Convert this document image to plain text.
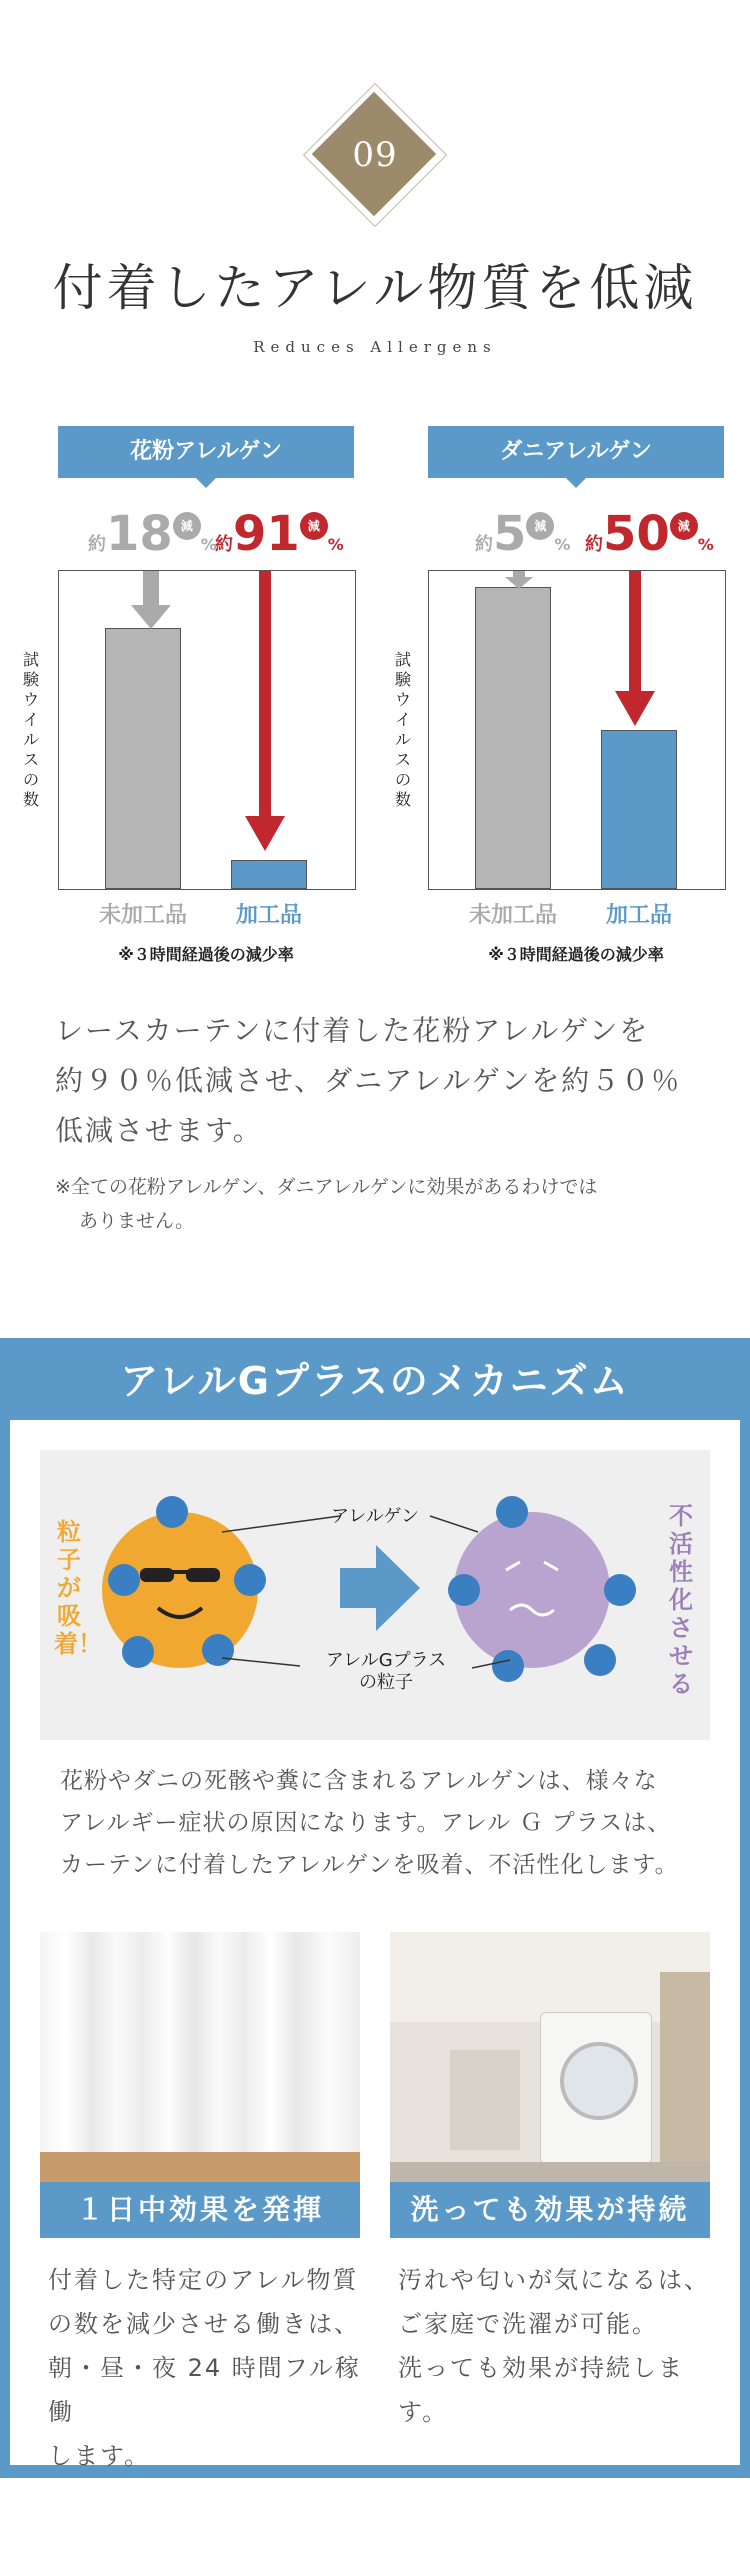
09
付着したアレル物質を低減
Reduces Allergens
花粉アレルゲン
約18 減%
約91 減%
試験ウイルスの数
未加工品	加工品
※３時間経過後の減少率
ダニアレルゲン
約5 減% 約50 減%
試験ウイルスの数
未加工品	加工品
※３時間経過後の減少率
レースカーテンに付着した花粉アレルゲンを
約９０％低減させ、ダニアレルゲンを約５０％
低減させます。
※全ての花粉アレルゲン、ダニアレルゲンに効果があるわけでは
ありません。
アレルGプラスのメカニズム
粒子が吸着！
不活性化させる
アレルゲン
アレルGプラス
の粒子
花粉やダニの死骸や糞に含まれるアレルゲンは、様々な
アレルギー症状の原因になります。アレル Ｇ プラスは、
カーテンに付着したアレルゲンを吸着、不活性化します。
１日中効果を発揮
付着した特定のアレル物質
の数を減少させる働きは、
朝・昼・夜 24 時間フル稼働
します。
洗っても効果が持続
汚れや匂いが気になるは、
ご家庭で洗濯が可能。
洗っても効果が持続します。
